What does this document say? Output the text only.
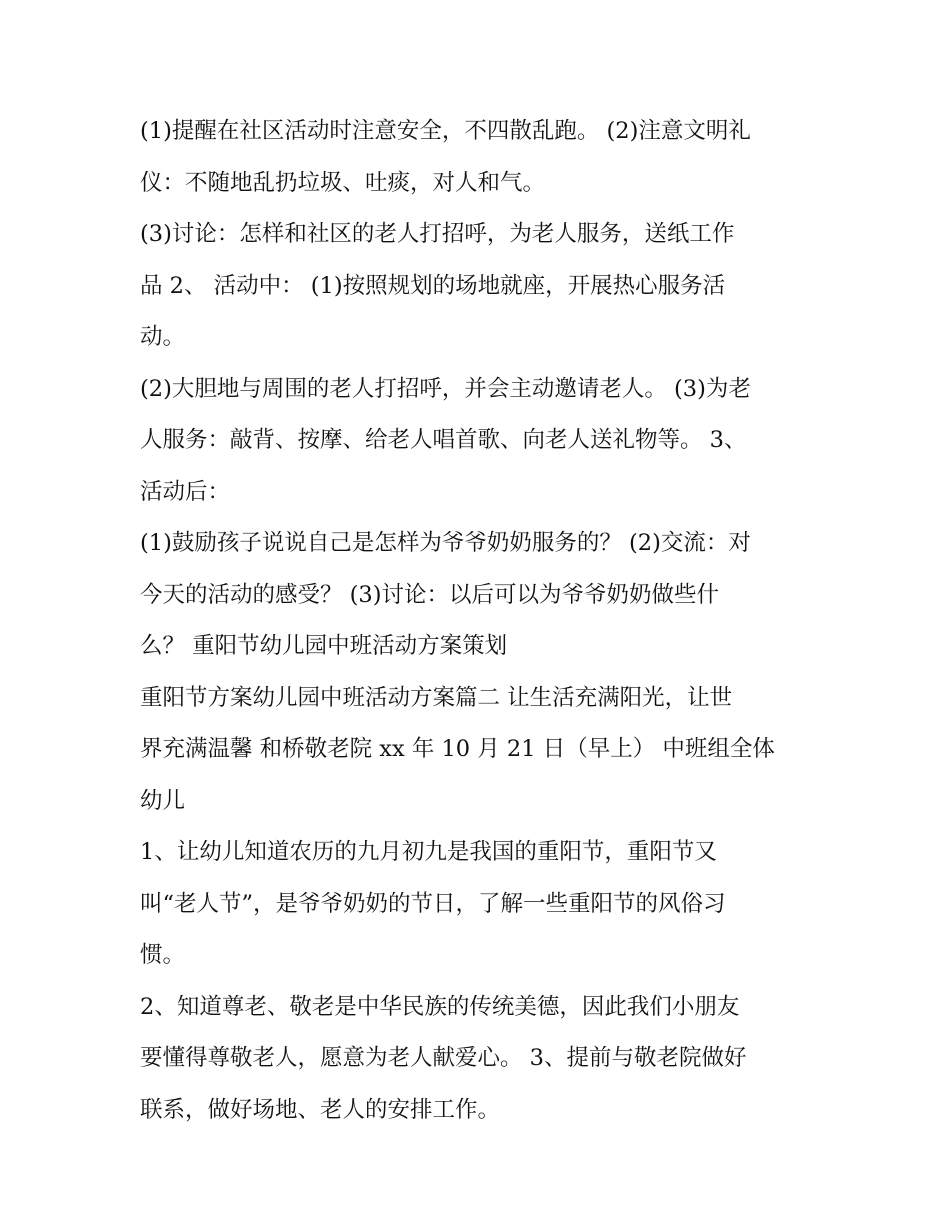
(1)提醒在社区活动时注意安全，不四散乱跑。 (2)注意文明礼
仪：不随地乱扔垃圾、吐痰，对人和气。

(3)讨论：怎样和社区的老人打招呼，为老人服务，送纸工作
品 2、 活动中： (1)按照规划的场地就座，开展热心服务活
动。

(2)大胆地与周围的老人打招呼，并会主动邀请老人。 (3)为老
人服务：敲背、按摩、给老人唱首歌、向老人送礼物等。 3、
活动后：

(1)鼓励孩子说说自己是怎样为爷爷奶奶服务的？ (2)交流：对
今天的活动的感受？ (3)讨论：以后可以为爷爷奶奶做些什
么？ 重阳节幼儿园中班活动方案策划

重阳节方案幼儿园中班活动方案篇二 让生活充满阳光，让世
界充满温馨 和桥敬老院 xx 年 10 月 21 日（早上） 中班组全体
幼儿

1、让幼儿知道农历的九月初九是我国的重阳节，重阳节又
叫“老人节”，是爷爷奶奶的节日，了解一些重阳节的风俗习
惯。

2、知道尊老、敬老是中华民族的传统美德，因此我们小朋友
要懂得尊敬老人，愿意为老人献爱心。 3、提前与敬老院做好
联系，做好场地、老人的安排工作。
